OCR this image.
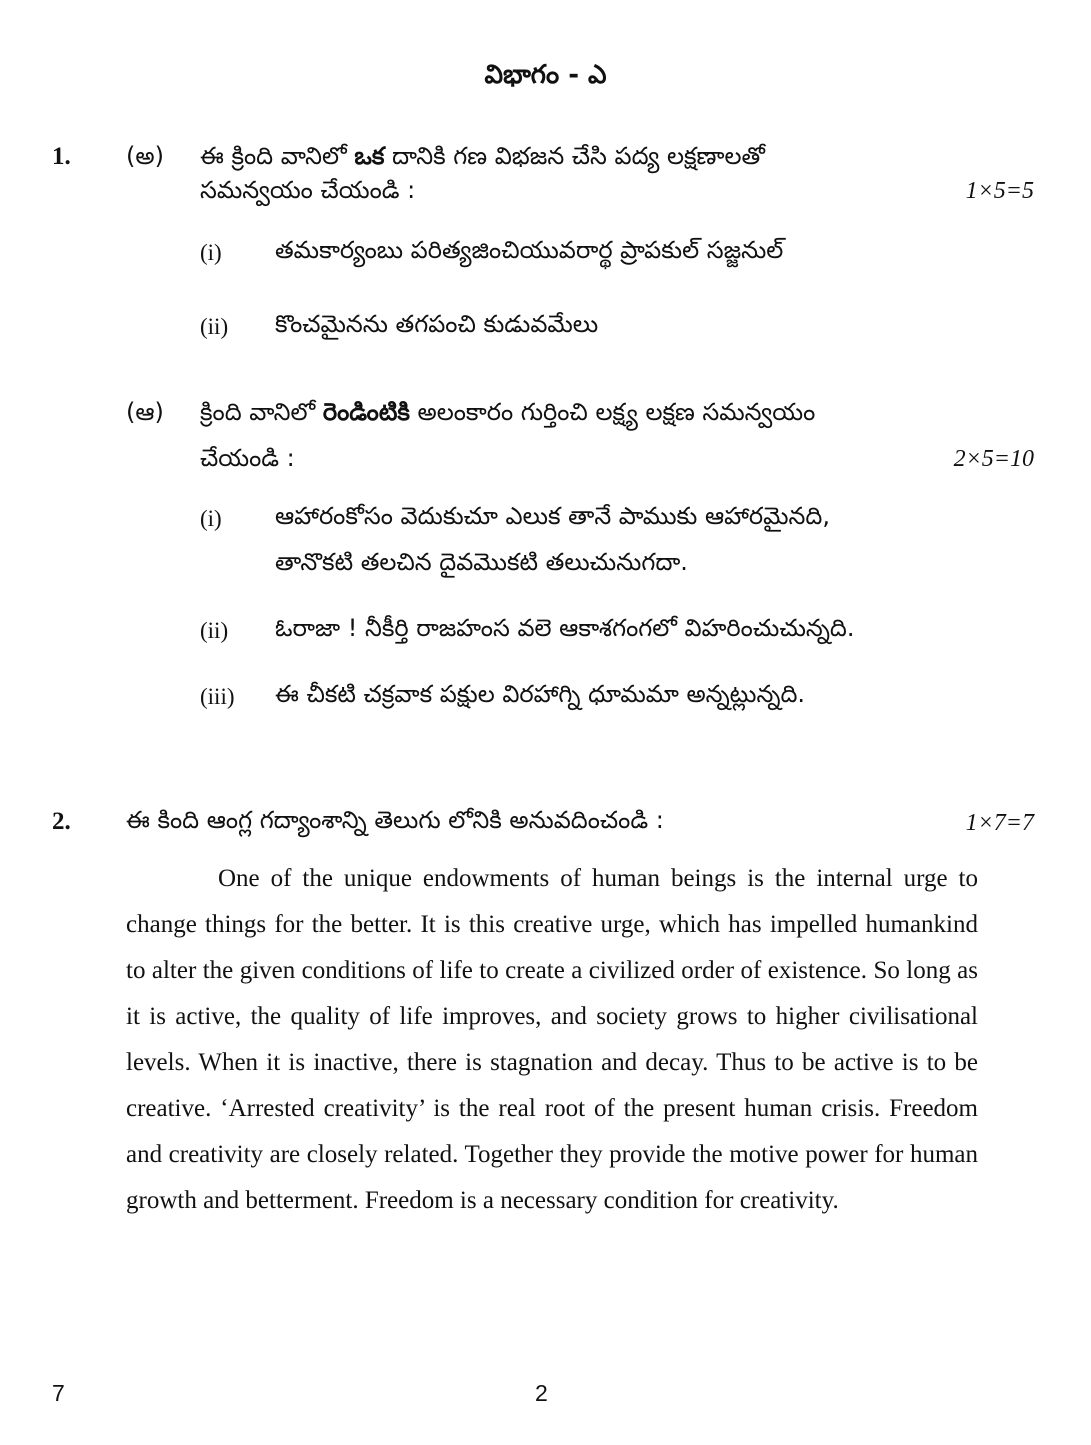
విభాగం - ఎ
1. (అ) ఈ క్రింది వానిలో ఒక దానికి గణ విభజన చేసి పద్య లక్షణాలతో
సమన్వయం చేయండి :	1×5=5
(i) తమకార్యంబు పరిత్యజించియువరార్థ ప్రాపకుల్ సజ్జనుల్
(ii) కొంచమైనను తగపంచి కుడువమేలు
(ఆ) క్రింది వానిలో రెండింటికి అలంకారం గుర్తించి లక్ష్య లక్షణ సమన్వయం
చేయండి :	2×5=10
(i) ఆహారంకోసం వెదుకుచూ ఎలుక తానే పాముకు ఆహారమైనది,
తానొకటి తలచిన దైవమొకటి తలుచునుగదా.
(ii) ఓరాజా ! నీకీర్తి రాజహంస వలె ఆకాశగంగలో విహరించుచున్నది.
(iii) ఈ చీకటి చక్రవాక పక్షుల విరహాగ్ని ధూమమా అన్నట్లున్నది.
2. ఈ కింది ఆంగ్ల గద్యాంశాన్ని తెలుగు లోనికి అనువదించండి :	1×7=7
One of the unique endowments of human beings is the internal urge to change things for the better. It is this creative urge, which has impelled humankind to alter the given conditions of life to create a civilized order of existence. So long as it is active, the quality of life improves, and society grows to higher civilisational levels. When it is inactive, there is stagnation and decay. Thus to be active is to be creative. ‘Arrested creativity’ is the real root of the present human crisis. Freedom and creativity are closely related. Together they provide the motive power for human growth and betterment. Freedom is a necessary condition for creativity.
7	2
